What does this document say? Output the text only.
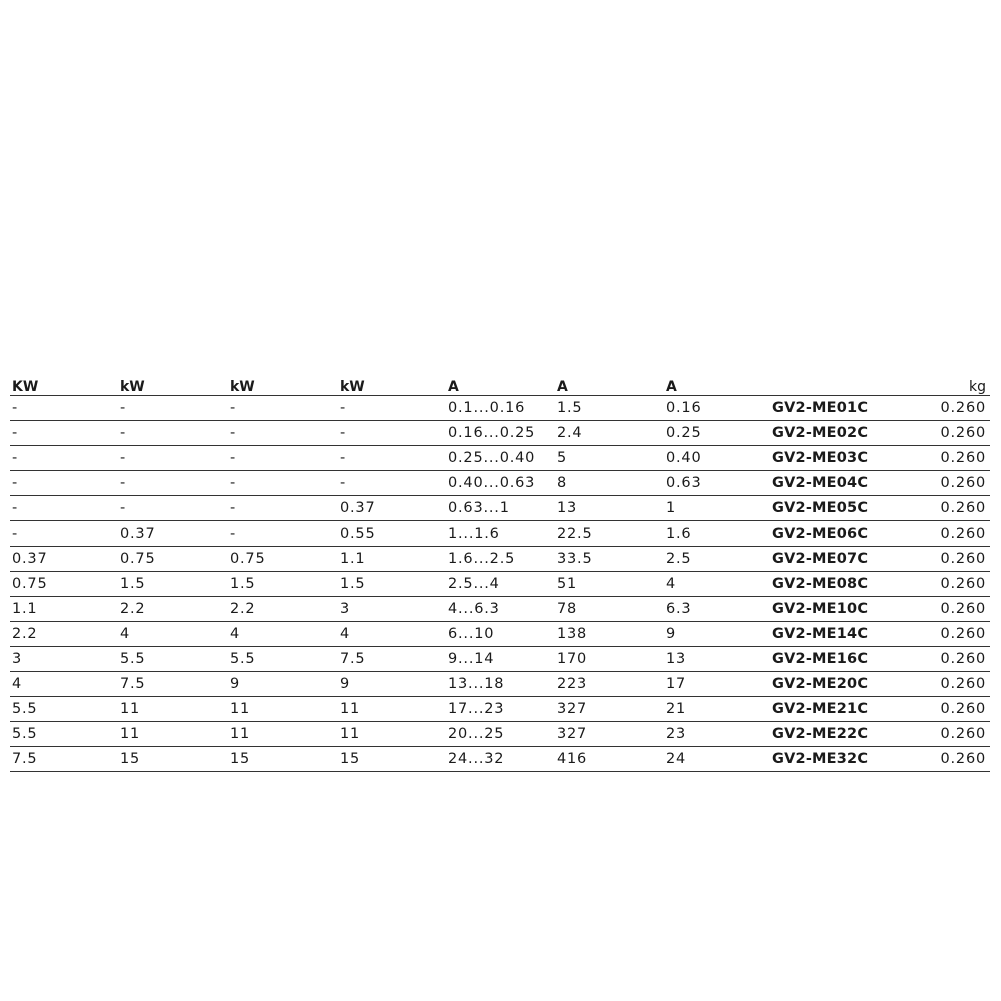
KW	kW	kW	kW	A	A	A		kg
-	-	-	-	0.1...0.16	1.5	0.16	GV2-ME01C	0.260
-	-	-	-	0.16...0.25	2.4	0.25	GV2-ME02C	0.260
-	-	-	-	0.25...0.40	5	0.40	GV2-ME03C	0.260
-	-	-	-	0.40...0.63	8	0.63	GV2-ME04C	0.260
-	-	-	0.37	0.63...1	13	1	GV2-ME05C	0.260
-	0.37	-	0.55	1...1.6	22.5	1.6	GV2-ME06C	0.260
0.37	0.75	0.75	1.1	1.6...2.5	33.5	2.5	GV2-ME07C	0.260
0.75	1.5	1.5	1.5	2.5...4	51	4	GV2-ME08C	0.260
1.1	2.2	2.2	3	4...6.3	78	6.3	GV2-ME10C	0.260
2.2	4	4	4	6...10	138	9	GV2-ME14C	0.260
3	5.5	5.5	7.5	9...14	170	13	GV2-ME16C	0.260
4	7.5	9	9	13...18	223	17	GV2-ME20C	0.260
5.5	11	11	11	17...23	327	21	GV2-ME21C	0.260
5.5	11	11	11	20...25	327	23	GV2-ME22C	0.260
7.5	15	15	15	24...32	416	24	GV2-ME32C	0.260
